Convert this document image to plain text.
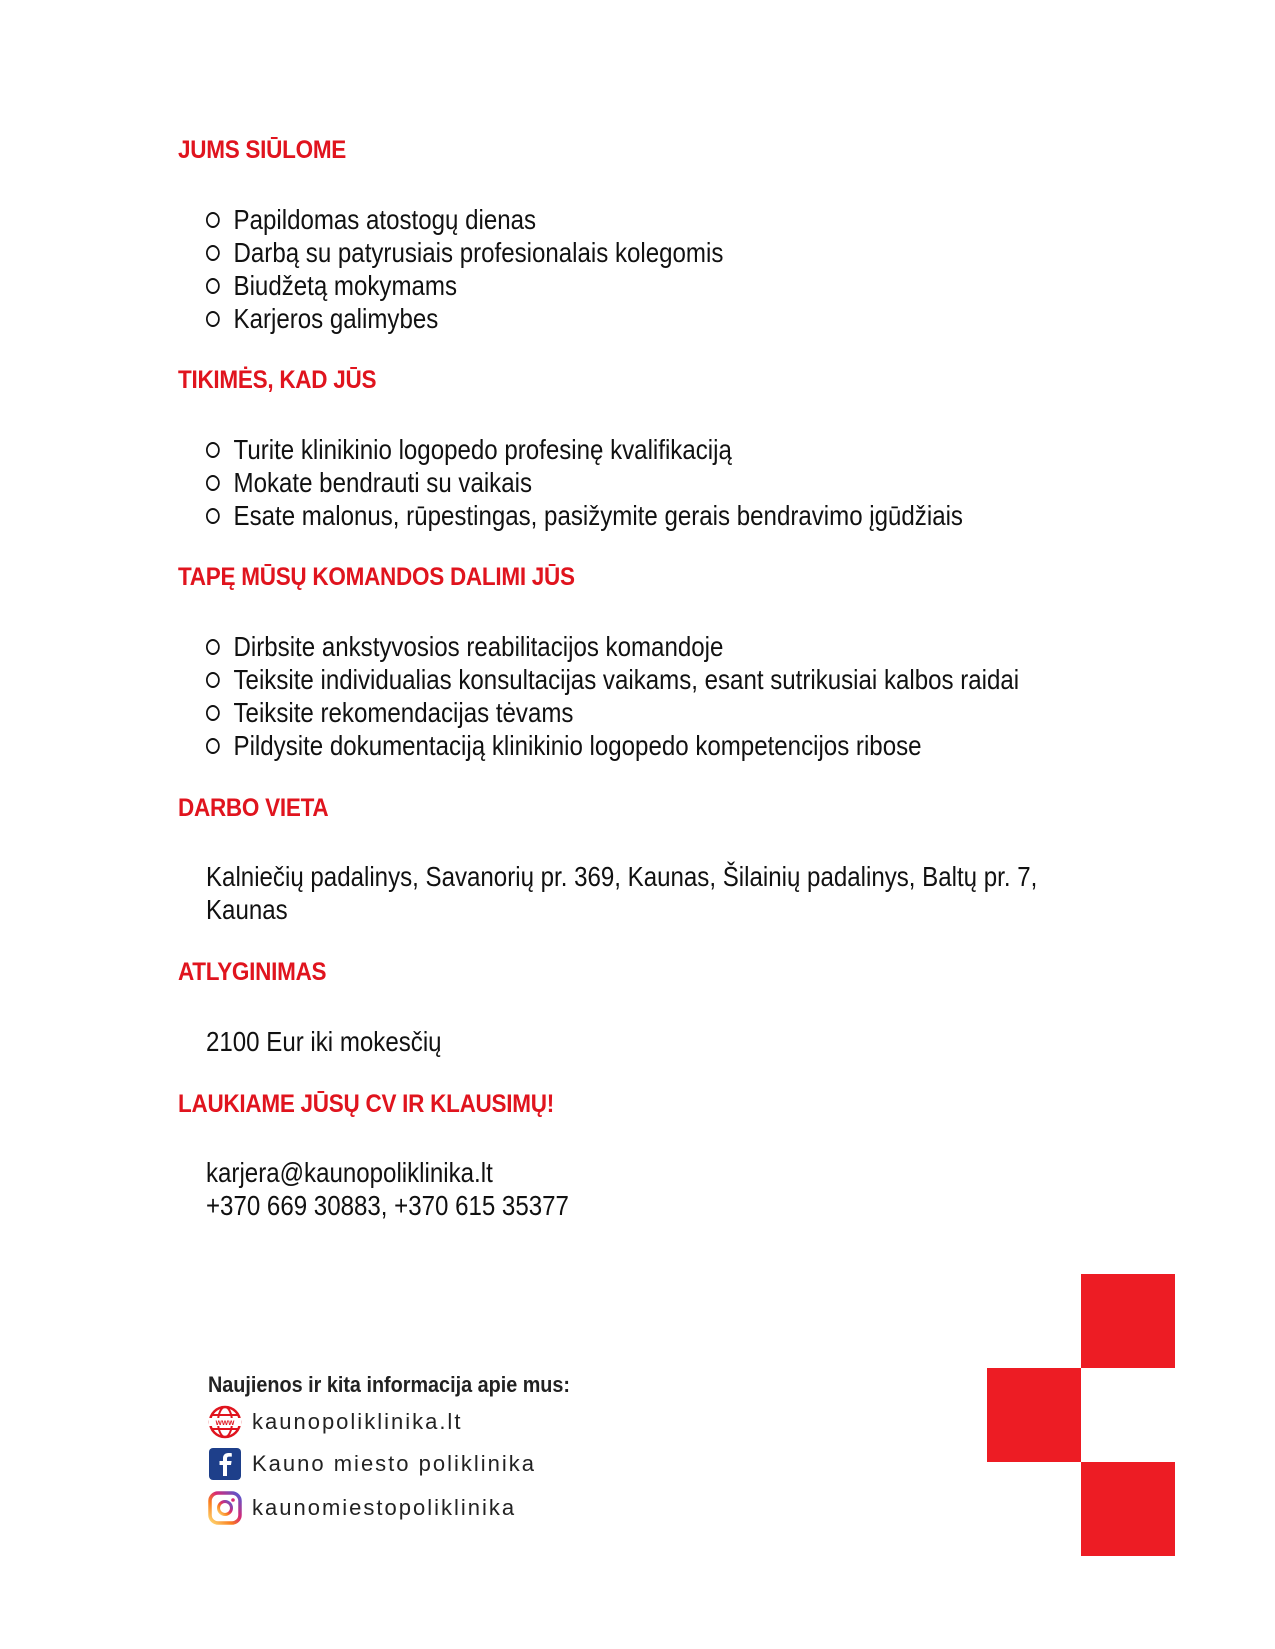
JUMS SIŪLOME
Papildomas atostogų dienas
Darbą su patyrusiais profesionalais kolegomis
Biudžetą mokymams
Karjeros galimybes
TIKIMĖS, KAD JŪS
Turite klinikinio logopedo profesinę kvalifikaciją
Mokate bendrauti su vaikais
Esate malonus, rūpestingas, pasižymite gerais bendravimo įgūdžiais
TAPĘ MŪSŲ KOMANDOS DALIMI JŪS
Dirbsite ankstyvosios reabilitacijos komandoje
Teiksite individualias konsultacijas vaikams, esant sutrikusiai kalbos raidai
Teiksite rekomendacijas tėvams
Pildysite dokumentaciją klinikinio logopedo kompetencijos ribose
DARBO VIETA

Kalniečių padalinys, Savanorių pr. 369, Kaunas, Šilainių padalinys, Baltų pr. 7,
Kaunas

ATLYGINIMAS

2100 Eur iki mokesčių

LAUKIAME JŪSŲ CV IR KLAUSIMŲ!

karjera@kaunopoliklinika.lt
+370 669 30883, +370 615 35377

Naujienos ir kita informacija apie mus:
www kaunopoliklinika.lt
Kauno miesto poliklinika
kaunomiestopoliklinika
